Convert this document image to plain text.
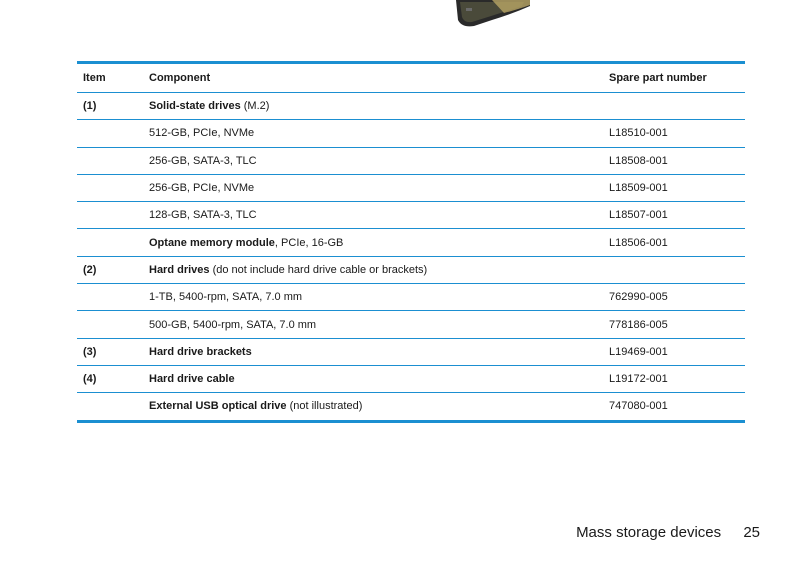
Item	Component	Spare part number
(1)	Solid-state drives (M.2)	
	512-GB, PCIe, NVMe	L18510-001
	256-GB, SATA-3, TLC	L18508-001
	256-GB, PCIe, NVMe	L18509-001
	128-GB, SATA-3, TLC	L18507-001
	Optane memory module, PCIe, 16-GB	L18506-001
(2)	Hard drives (do not include hard drive cable or brackets)	
	1-TB, 5400-rpm, SATA, 7.0 mm	762990-005
	500-GB, 5400-rpm, SATA, 7.0 mm	778186-005
(3)	Hard drive brackets	L19469-001
(4)	Hard drive cable	L19172-001
	External USB optical drive (not illustrated)	747080-001
Mass storage devices 25
